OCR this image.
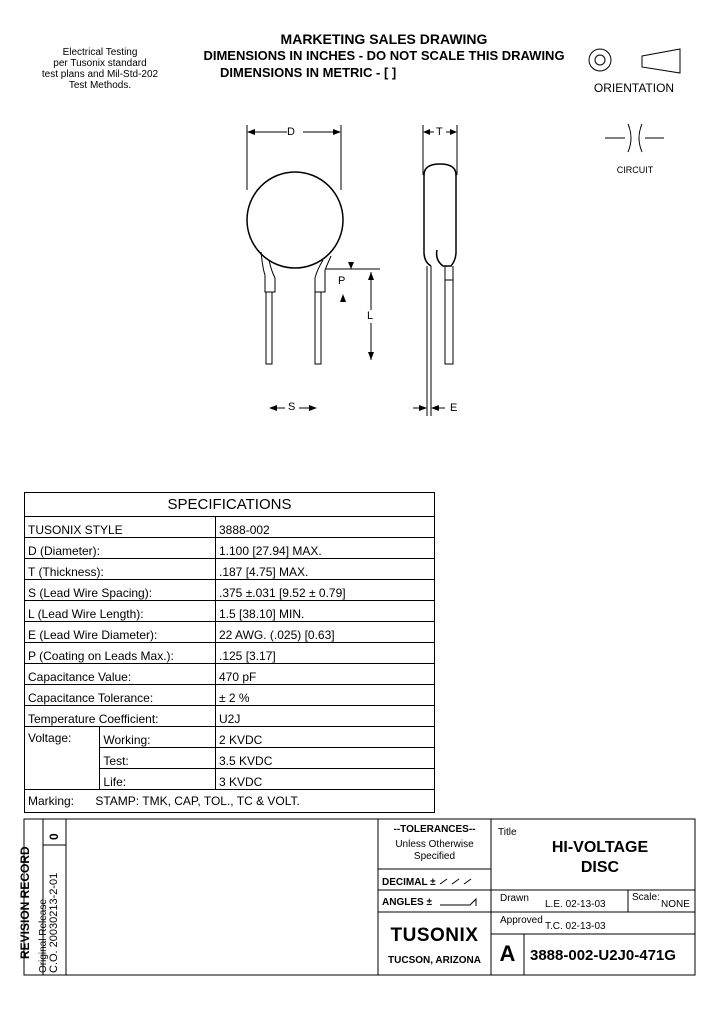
MARKETING SALES DRAWING
DIMENSIONS IN INCHES - DO NOT SCALE THIS DRAWING
DIMENSIONS IN METRIC - [ ]
Electrical Testing
per Tusonix standard
test plans and Mil-Std-202
Test Methods.	ORIENTATION
CIRCUIT
D
P
L
S
T
E
SPECIFICATIONS		
TUSONIX STYLE		3888-002
D (Diameter):		1.100 [27.94] MAX.
T (Thickness):		.187 [4.75] MAX.
S (Lead Wire Spacing):		.375 ±.031 [9.52 ± 0.79]
L (Lead Wire Length):		1.5 [38.10] MIN.
E (Lead Wire Diameter):		22 AWG. (.025) [0.63]
P (Coating on Leads Max.):		.125 [3.17]
Capacitance Value:		470 pF
Capacitance Tolerance:		± 2 %
Temperature Coefficient:		U2J
Voltage:	Working:	2 KVDC
	Test:	3.5 KVDC
	Life:	3 KVDC
Marking: STAMP: TMK, CAP, TOL., TC & VOLT.		
REVISION RECORD Original Release C.O. 20030213-2-01
0
--TOLERANCES--
Unless Otherwise
Specified
DECIMAL ±
ANGLES ±
TUSONIX
TUCSON, ARIZONA
Title
HI-VOLTAGE
DISC
Drawn
L.E. 02-13-03
Scale:
NONE
Approved
T.C. 02-13-03
A 3888-002-U2J0-471G
